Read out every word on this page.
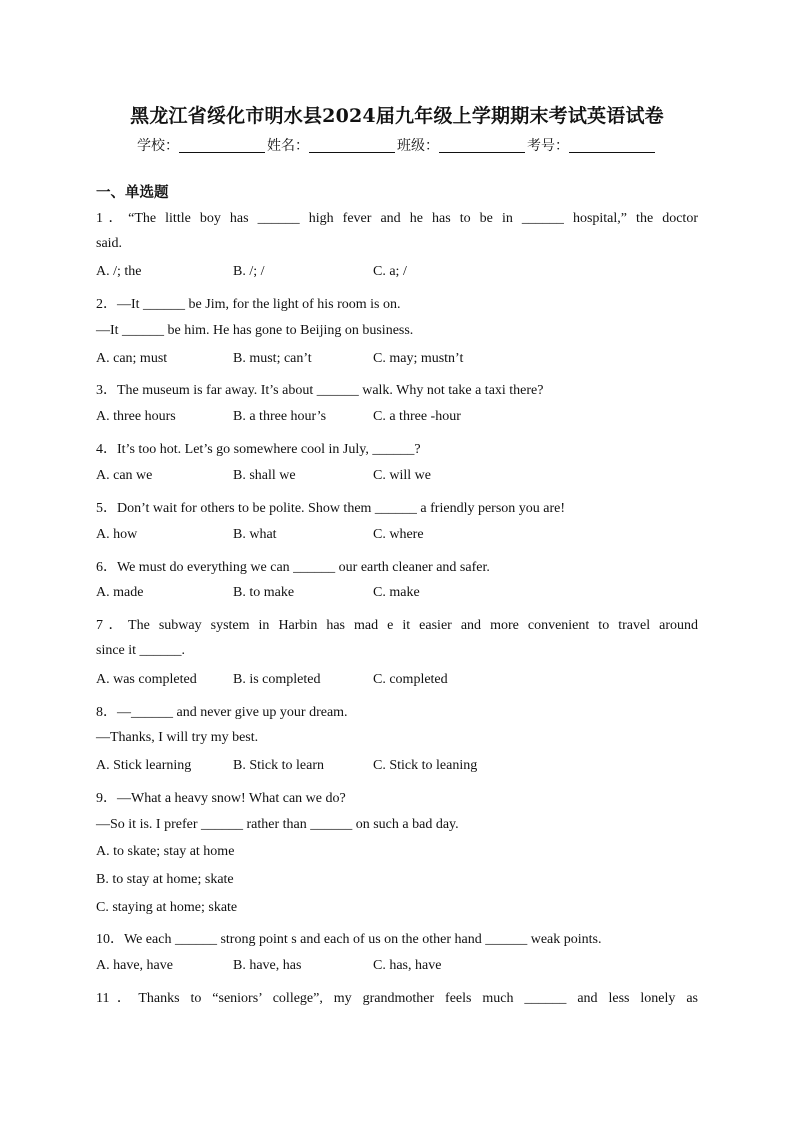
黑龙江省绥化市明水县2024届九年级上学期期末考试英语试卷
学校：	姓名：	班级：	考号：
一、单选题
1．“The little boy has ______ high fever and he has to be in ______ hospital,” the doctor
said.
A. /; the	B. /; /	C. a; /
2．—It ______ be Jim, for the light of his room is on.
—It ______ be him. He has gone to Beijing on business.
A. can; must	B. must; can’t	C. may; mustn’t
3．The museum is far away. It’s about ______ walk. Why not take a taxi there?
A. three hours	B. a three hour’s	C. a three -hour
4．It’s too hot. Let’s go somewhere cool in July, ______?
A. can we	B. shall we	C. will we
5．Don’t wait for others to be polite. Show them ______ a friendly person you are!
A. how	B. what	C. where
6．We must do everything we can ______ our earth cleaner and safer.
A. made	B. to make	C. make
7．The subway system in Harbin has mad e it easier and more convenient to travel around
since it ______.
A. was completed	B. is completed	C. completed
8．—______ and never give up your dream.
—Thanks, I will try my best.
A. Stick learning	B. Stick to learn	C. Stick to leaning
9．—What a heavy snow! What can we do?
—So it is. I prefer ______ rather than ______ on such a bad day.
A. to skate; stay at home
B. to stay at home; skate
C. staying at home; skate
10．We each ______ strong point s and each of us on the other hand ______ weak points.
A. have, have	B. have, has	C. has, have
11．Thanks to “seniors’ college”, my grandmother feels much ______ and less lonely as
